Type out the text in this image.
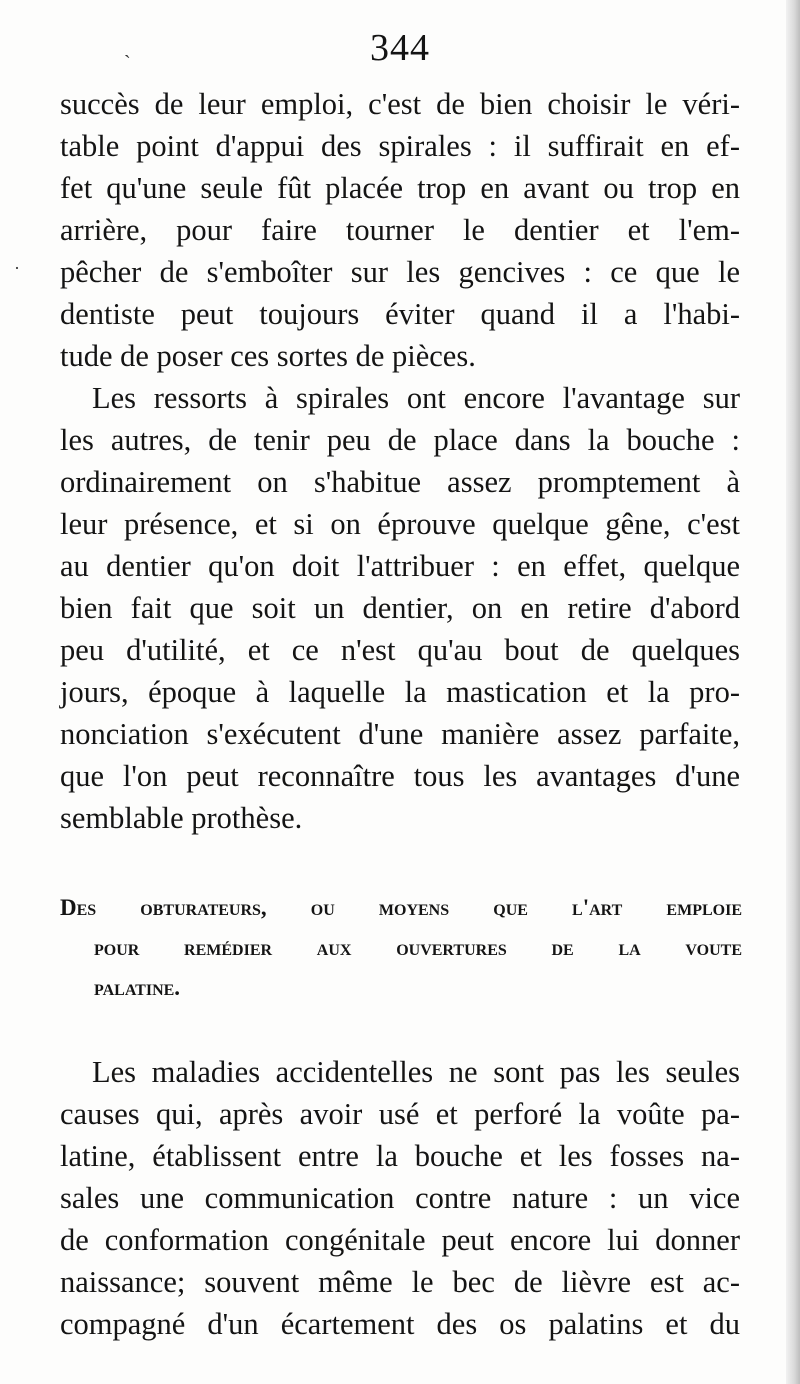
`
·
344
succès de leur emploi, c'est de bien choisir le véri-
table point d'appui des spirales : il suffirait en ef-
fet qu'une seule fût placée trop en avant ou trop en
arrière, pour faire tourner le dentier et l'em-
pêcher de s'emboîter sur les gencives : ce que le
dentiste peut toujours éviter quand il a l'habi-
tude de poser ces sortes de pièces.
Les ressorts à spirales ont encore l'avantage sur
les autres, de tenir peu de place dans la bouche :
ordinairement on s'habitue assez promptement à
leur présence, et si on éprouve quelque gêne, c'est
au dentier qu'on doit l'attribuer : en effet, quelque
bien fait que soit un dentier, on en retire d'abord
peu d'utilité, et ce n'est qu'au bout de quelques
jours, époque à laquelle la mastication et la pro-
nonciation s'exécutent d'une manière assez parfaite,
que l'on peut reconnaître tous les avantages d'une
semblable prothèse.
Des obturateurs, ou moyens que l'art emploie
pour remédier aux ouvertures de la voute
palatine.
Les maladies accidentelles ne sont pas les seules
causes qui, après avoir usé et perforé la voûte pa-
latine, établissent entre la bouche et les fosses na-
sales une communication contre nature : un vice
de conformation congénitale peut encore lui donner
naissance; souvent même le bec de lièvre est ac-
compagné d'un écartement des os palatins et du
